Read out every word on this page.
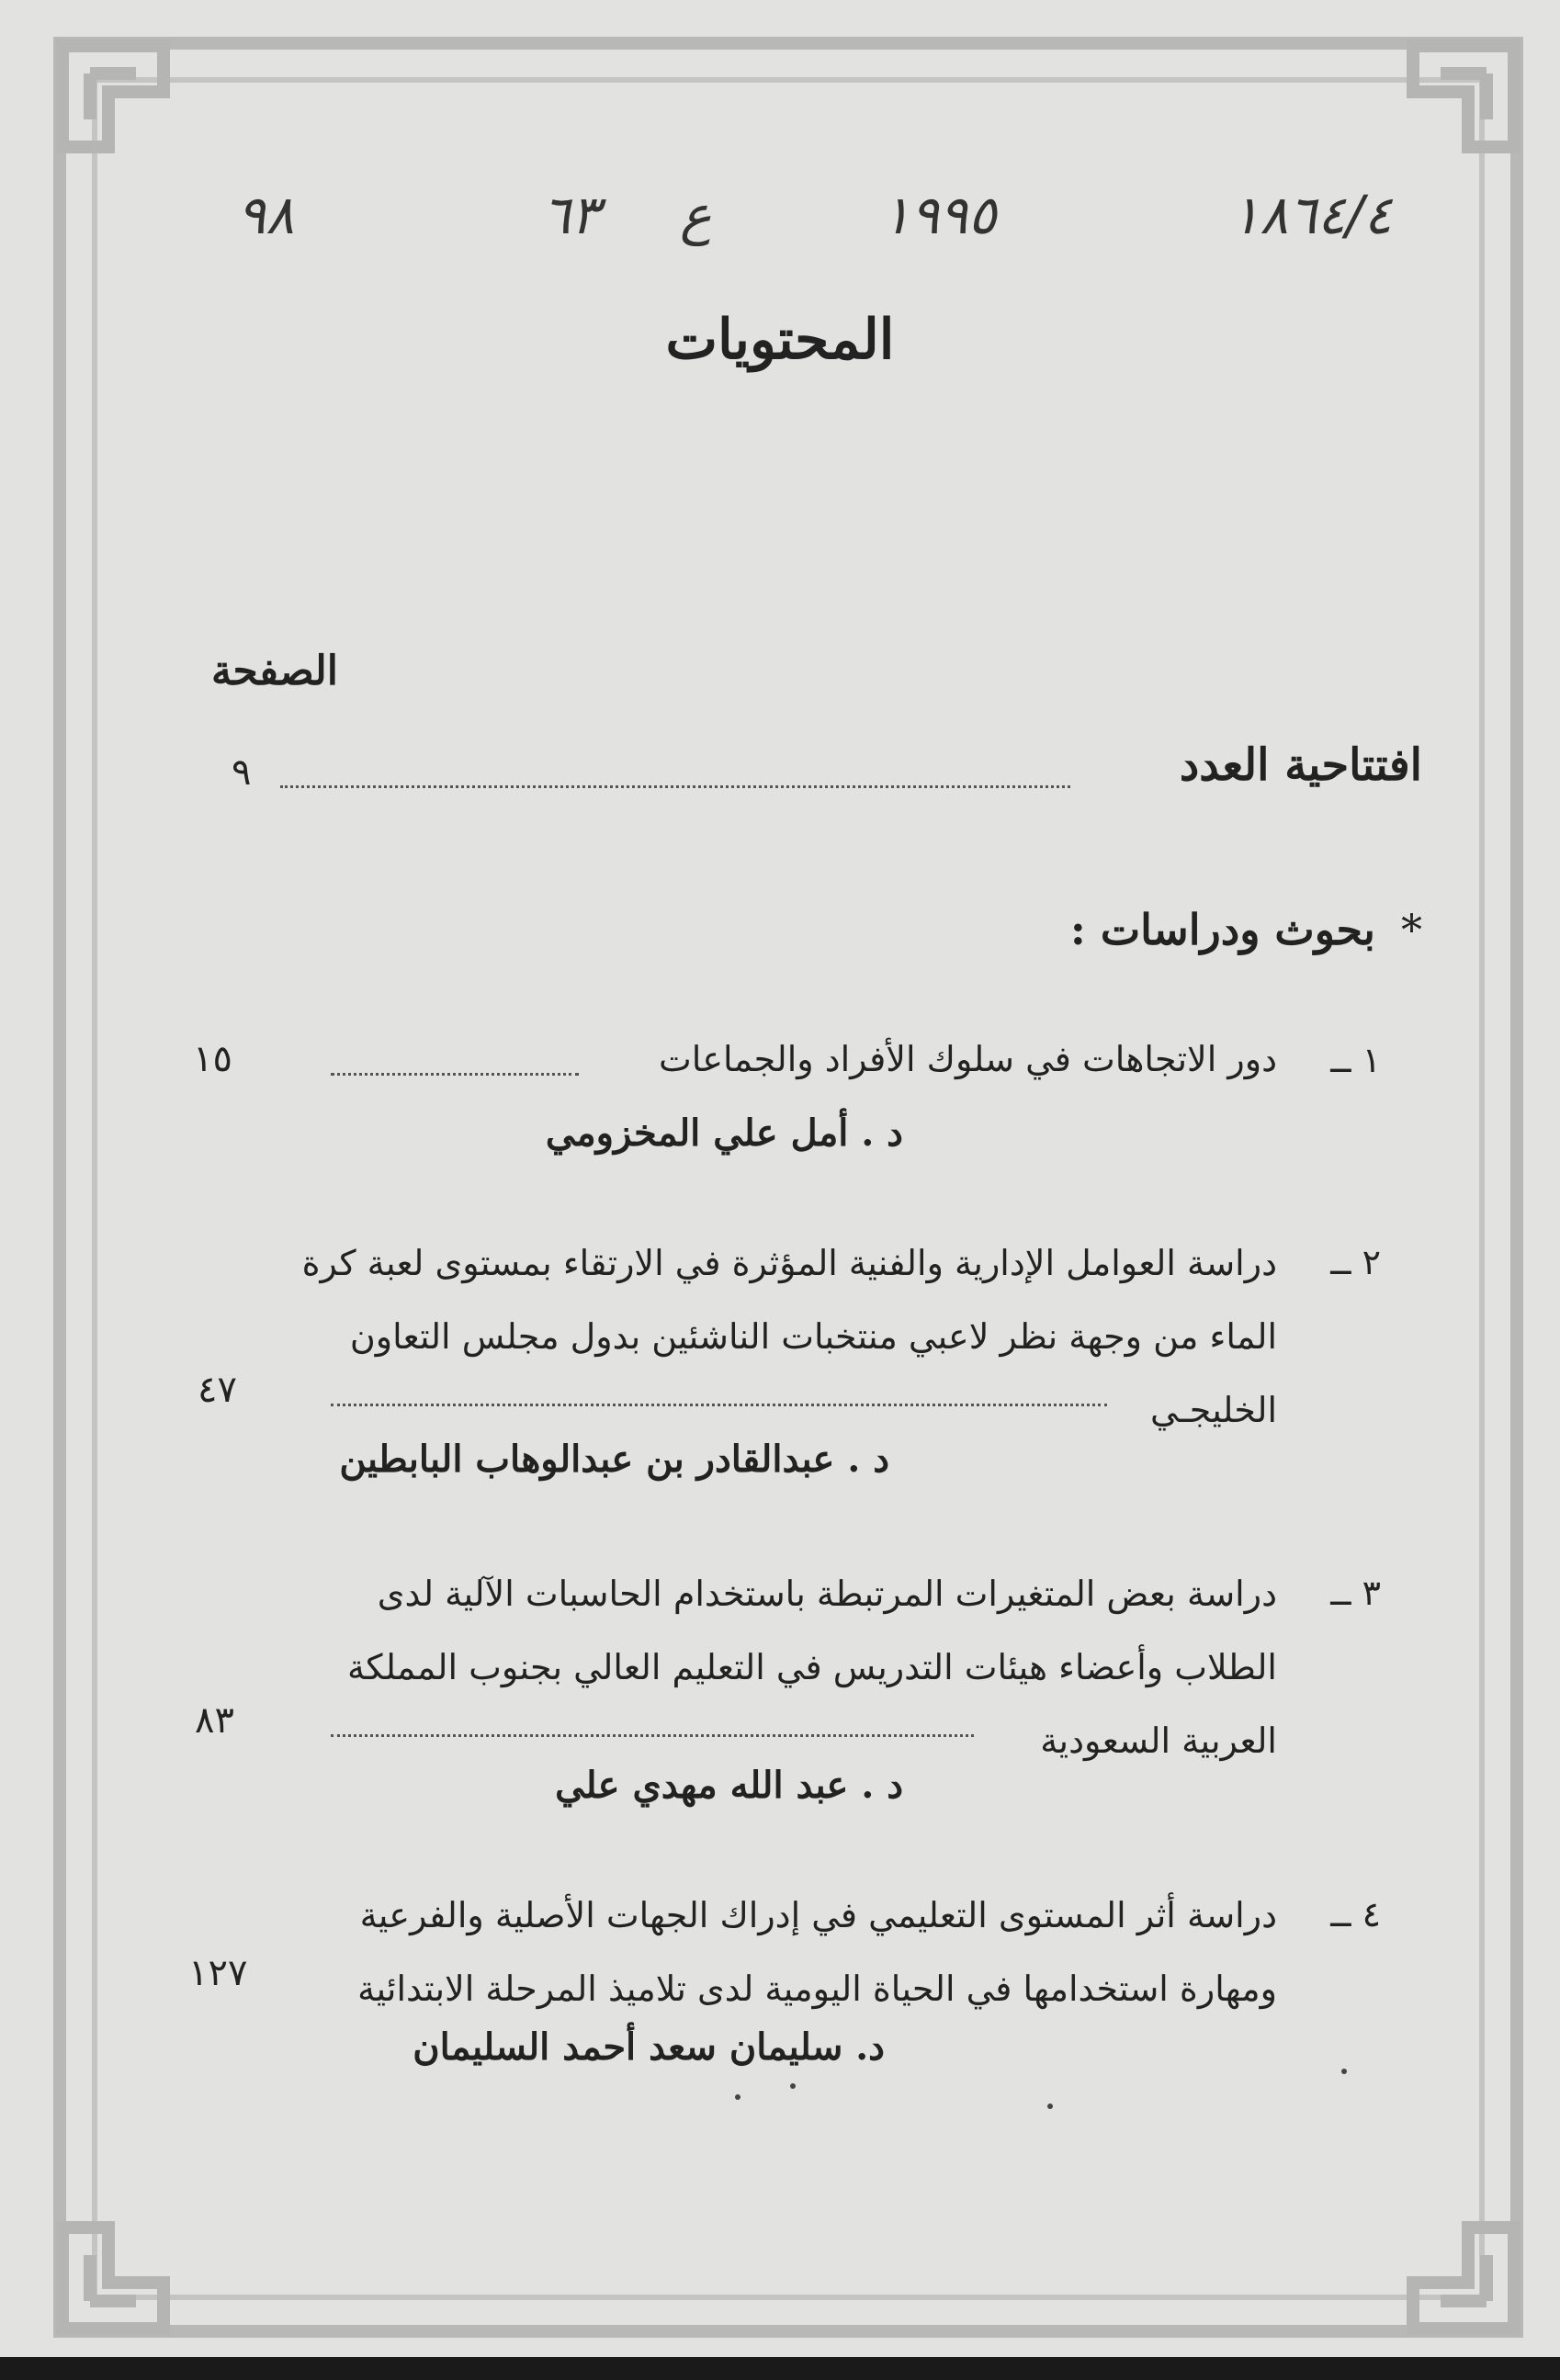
١٨٦٤/٤
١٩٩٥
ع
٦٣
٩٨
المحتويات
الصفحة
افتتاحية العدد
٩
*بحوث ودراسات :
١ ــ
دور الاتجاهات في سلوك الأفراد والجماعات
١٥
د . أمل علي المخزومي
٢ ــ
دراسة العوامل الإدارية والفنية المؤثرة في الارتقاء بمستوى لعبة كرة
الماء من وجهة نظر لاعبي منتخبات الناشئين بدول مجلس التعاون
الخليجـي
٤٧
د . عبدالقادر بن عبدالوهاب البابطين
٣ ــ
دراسة بعض المتغيرات المرتبطة باستخدام الحاسبات الآلية لدى
الطلاب وأعضاء هيئات التدريس في التعليم العالي بجنوب المملكة
العربية السعودية
٨٣
د . عبد الله مهدي علي
٤ ــ
دراسة أثر المستوى التعليمي في إدراك الجهات الأصلية والفرعية
ومهارة استخدامها في الحياة اليومية لدى تلاميذ المرحلة الابتدائية
١٢٧
د. سليمان سعد أحمد السليمان
